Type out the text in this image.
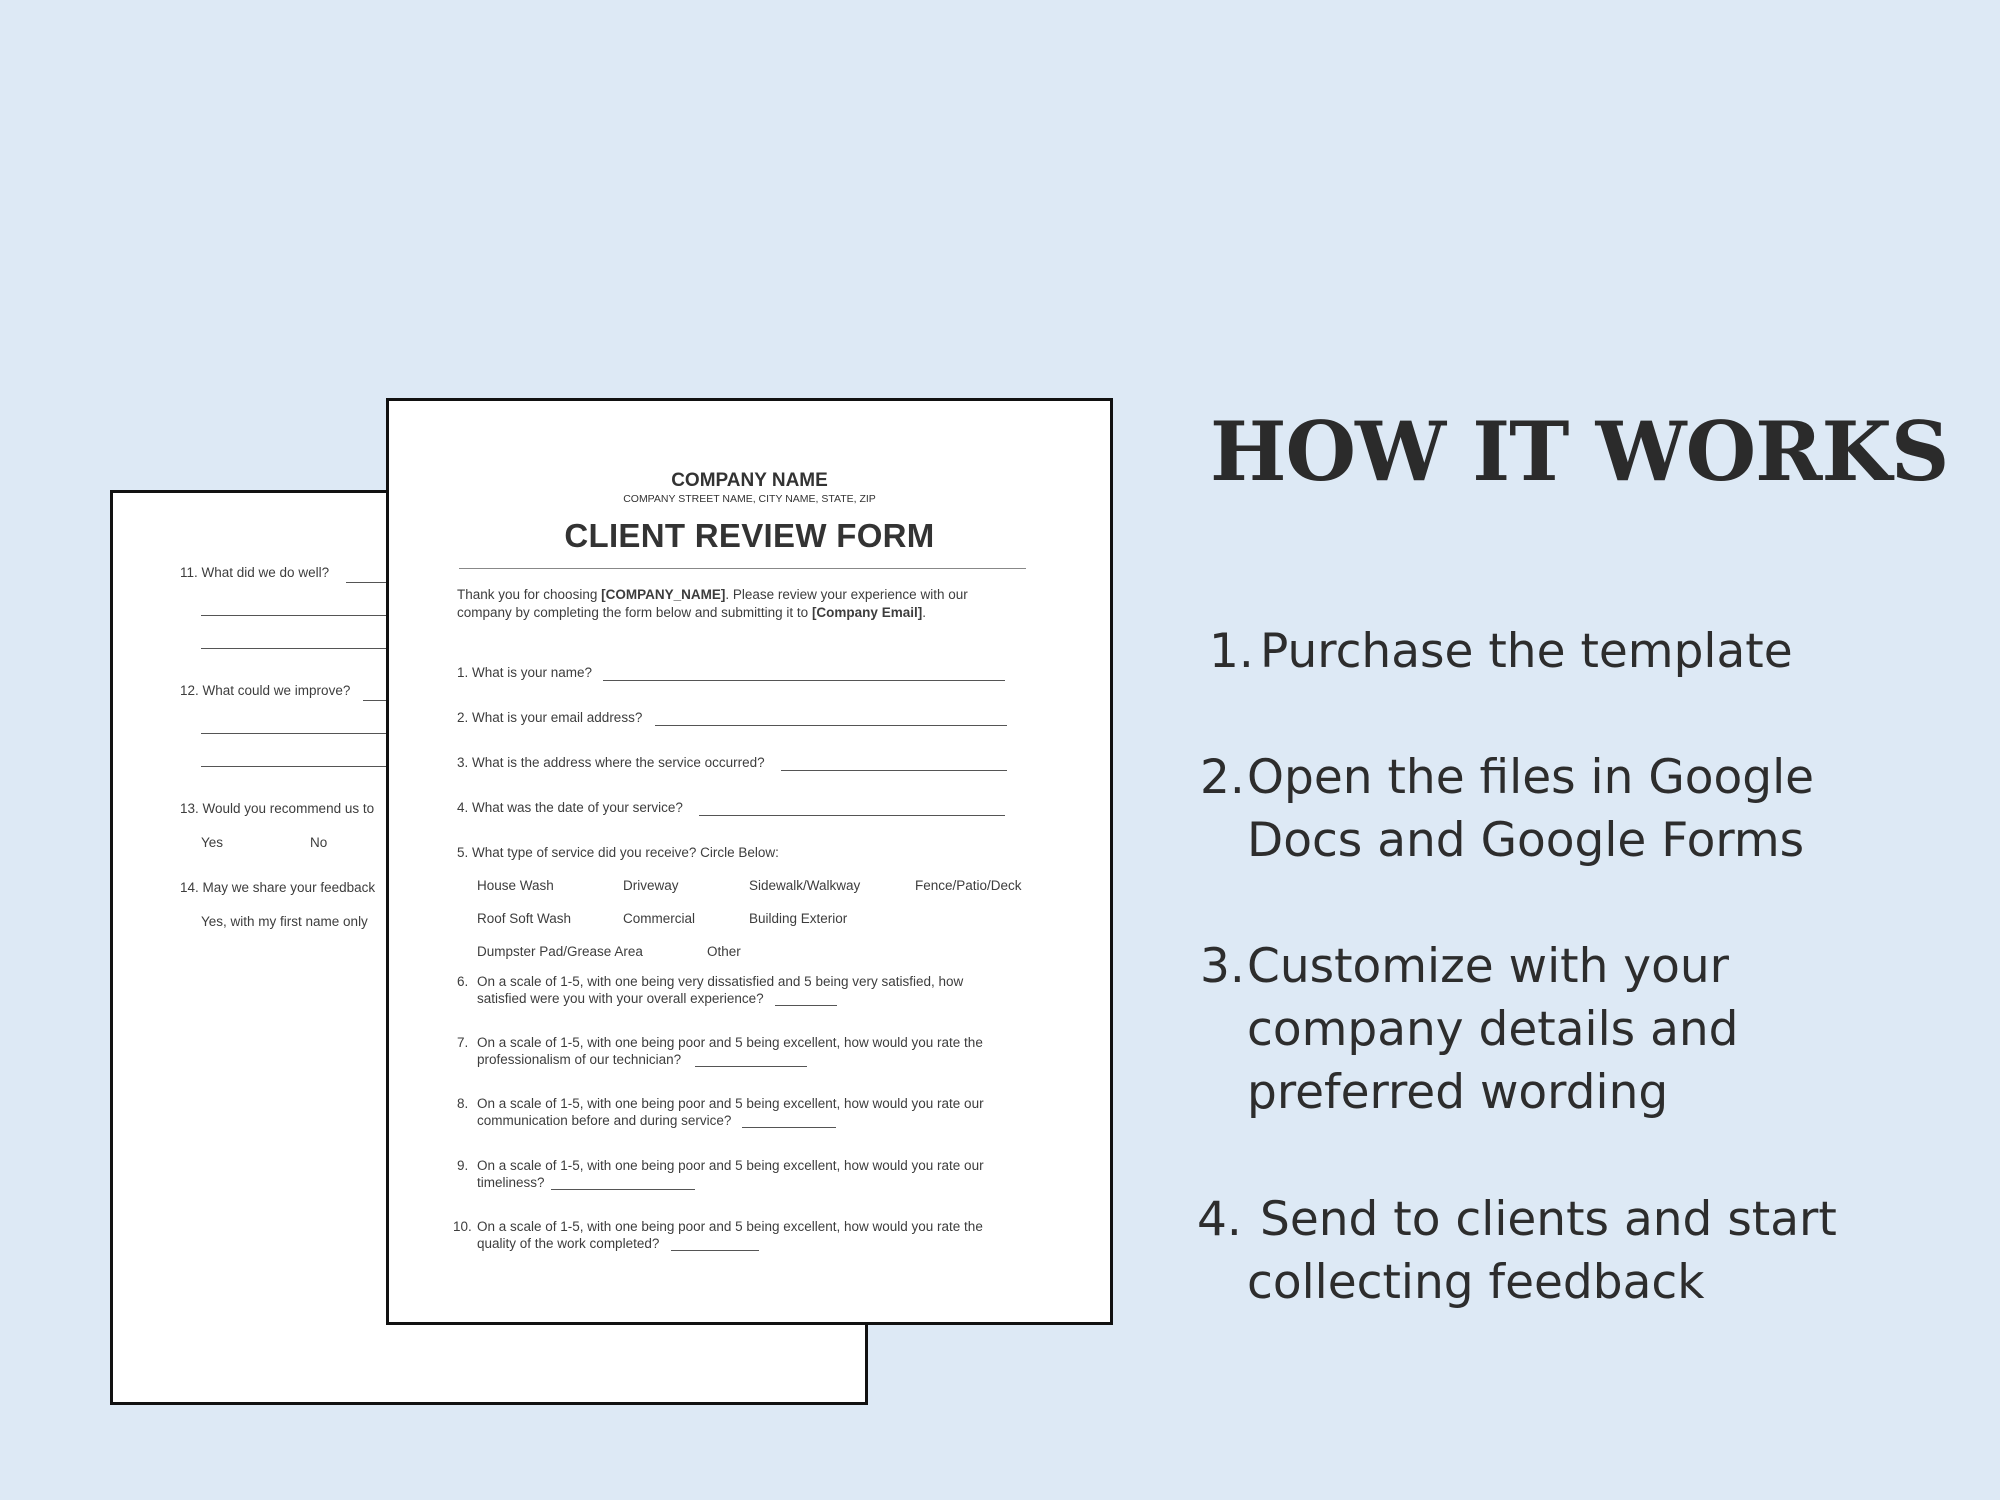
11. What did we do well?
12. What could we improve?
13. Would you recommend us to
Yes	No
14. May we share your feedback
Yes, with my first name only
COMPANY NAME
COMPANY STREET NAME, CITY NAME, STATE, ZIP
CLIENT REVIEW FORM
Thank you for choosing [COMPANY_NAME]. Please review your experience with our company by completing the form below and submitting it to [Company Email].
1. What is your name?
2. What is your email address?
3. What is the address where the service occurred?
4. What was the date of your service?
5. What type of service did you receive? Circle Below:
House Wash	Driveway	Sidewalk/Walkway	Fence/Patio/Deck
Roof Soft Wash	Commercial	Building Exterior
Dumpster Pad/Grease Area	Other
6. On a scale of 1-5, with one being very dissatisfied and 5 being very satisfied, how
satisfied were you with your overall experience?
7. On a scale of 1-5, with one being poor and 5 being excellent, how would you rate the
professionalism of our technician?
8. On a scale of 1-5, with one being poor and 5 being excellent, how would you rate our
communication before and during service?
9. On a scale of 1-5, with one being poor and 5 being excellent, how would you rate our
timeliness?
10. On a scale of 1-5, with one being poor and 5 being excellent, how would you rate the
quality of the work completed?
HOW IT WORKS
1. Purchase the template
2. Open the files in Google
Docs and Google Forms
3. Customize with your
company details and
preferred wording
4. Send to clients and start
collecting feedback
